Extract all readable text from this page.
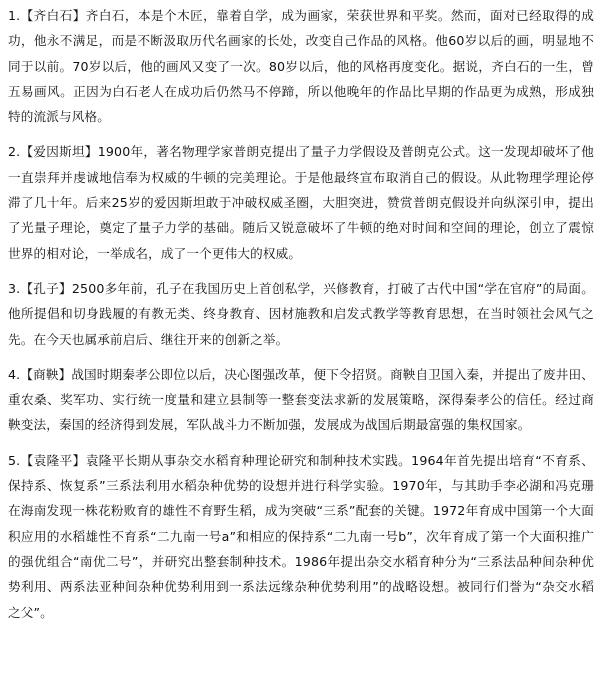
1.【齐白石】齐白石，本是个木匠，靠着自学，成为画家，荣获世界和平奖。然而，面对已经取得的成功，他永不满足，而是不断汲取历代名画家的长处，改变自己作品的风格。他60岁以后的画，明显地不同于以前。70岁以后，他的画风又变了一次。80岁以后，他的风格再度变化。据说，齐白石的一生，曾五易画风。正因为白石老人在成功后仍然马不停蹄，所以他晚年的作品比早期的作品更为成熟，形成独特的流派与风格。

2.【爱因斯坦】1900年，著名物理学家普朗克提出了量子力学假设及普朗克公式。这一发现却破坏了他一直崇拜并虔诚地信奉为权威的牛顿的完美理论。于是他最终宣布取消自己的假设。从此物理学理论停滞了几十年。后来25岁的爱因斯坦敢于冲破权威圣圈，大胆突进，赞赏普朗克假设并向纵深引申，提出了光量子理论，奠定了量子力学的基础。随后又锐意破坏了牛顿的绝对时间和空间的理论，创立了震惊世界的相对论，一举成名，成了一个更伟大的权威。

3.【孔子】2500多年前，孔子在我国历史上首创私学，兴修教育，打破了古代中国“学在官府”的局面。他所提倡和切身践履的有教无类、终身教育、因材施教和启发式教学等教育思想，在当时领社会风气之先。在今天也属承前启后、继往开来的创新之举。

4.【商鞅】战国时期秦孝公即位以后，决心图强改革，便下令招贤。商鞅自卫国入秦，并提出了废井田、重农桑、奖军功、实行统一度量和建立县制等一整套变法求新的发展策略，深得秦孝公的信任。经过商鞅变法，秦国的经济得到发展，军队战斗力不断加强，发展成为战国后期最富强的集权国家。

5.【袁隆平】袁隆平长期从事杂交水稻育种理论研究和制种技术实践。1964年首先提出培育“不育系、保持系、恢复系”三系法利用水稻杂种优势的设想并进行科学实验。1970年，与其助手李必湖和冯克珊在海南发现一株花粉败育的雄性不育野生稻，成为突破“三系”配套的关键。1972年育成中国第一个大面积应用的水稻雄性不育系“二九南一号a”和相应的保持系“二九南一号b”，次年育成了第一个大面积推广的强优组合“南优二号”，并研究出整套制种技术。1986年提出杂交水稻育种分为“三系法品种间杂种优势利用、两系法亚种间杂种优势利用到一系法远缘杂种优势利用”的战略设想。被同行们誉为“杂交水稻之父”。
